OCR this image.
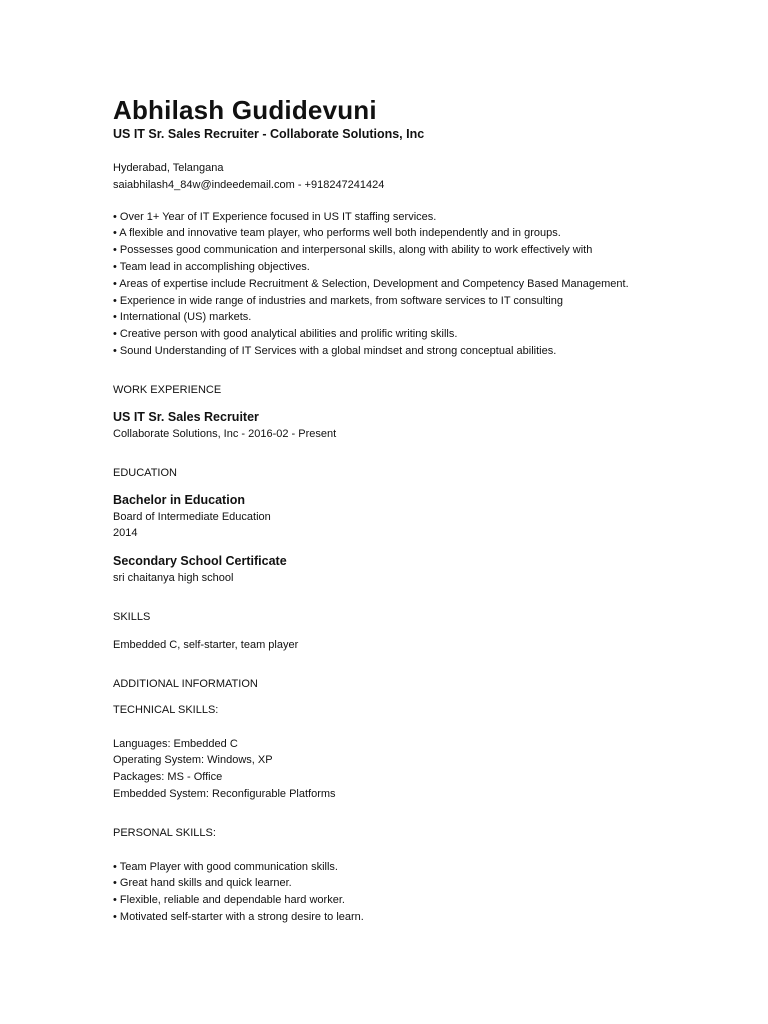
Abhilash Gudidevuni

US IT Sr. Sales Recruiter - Collaborate Solutions, Inc

Hyderabad, Telangana

saiabhilash4_84w@indeedemail.com - +918247241424

• Over 1+ Year of IT Experience focused in US IT staffing services.

• A flexible and innovative team player, who performs well both independently and in groups.

• Possesses good communication and interpersonal skills, along with ability to work effectively with

• Team lead in accomplishing objectives.

• Areas of expertise include Recruitment & Selection, Development and Competency Based Management.

• Experience in wide range of industries and markets, from software services to IT consulting

• International (US) markets.

• Creative person with good analytical abilities and prolific writing skills.

• Sound Understanding of IT Services with a global mindset and strong conceptual abilities.

WORK EXPERIENCE

US IT Sr. Sales Recruiter

Collaborate Solutions, Inc - 2016-02 - Present

EDUCATION

Bachelor in Education

Board of Intermediate Education

2014

Secondary School Certificate

sri chaitanya high school

SKILLS

Embedded C, self-starter, team player

ADDITIONAL INFORMATION

TECHNICAL SKILLS:

Languages: Embedded C

Operating System: Windows, XP

Packages: MS - Office

Embedded System: Reconfigurable Platforms

PERSONAL SKILLS:

• Team Player with good communication skills.

• Great hand skills and quick learner.

• Flexible, reliable and dependable hard worker.

• Motivated self-starter with a strong desire to learn.
